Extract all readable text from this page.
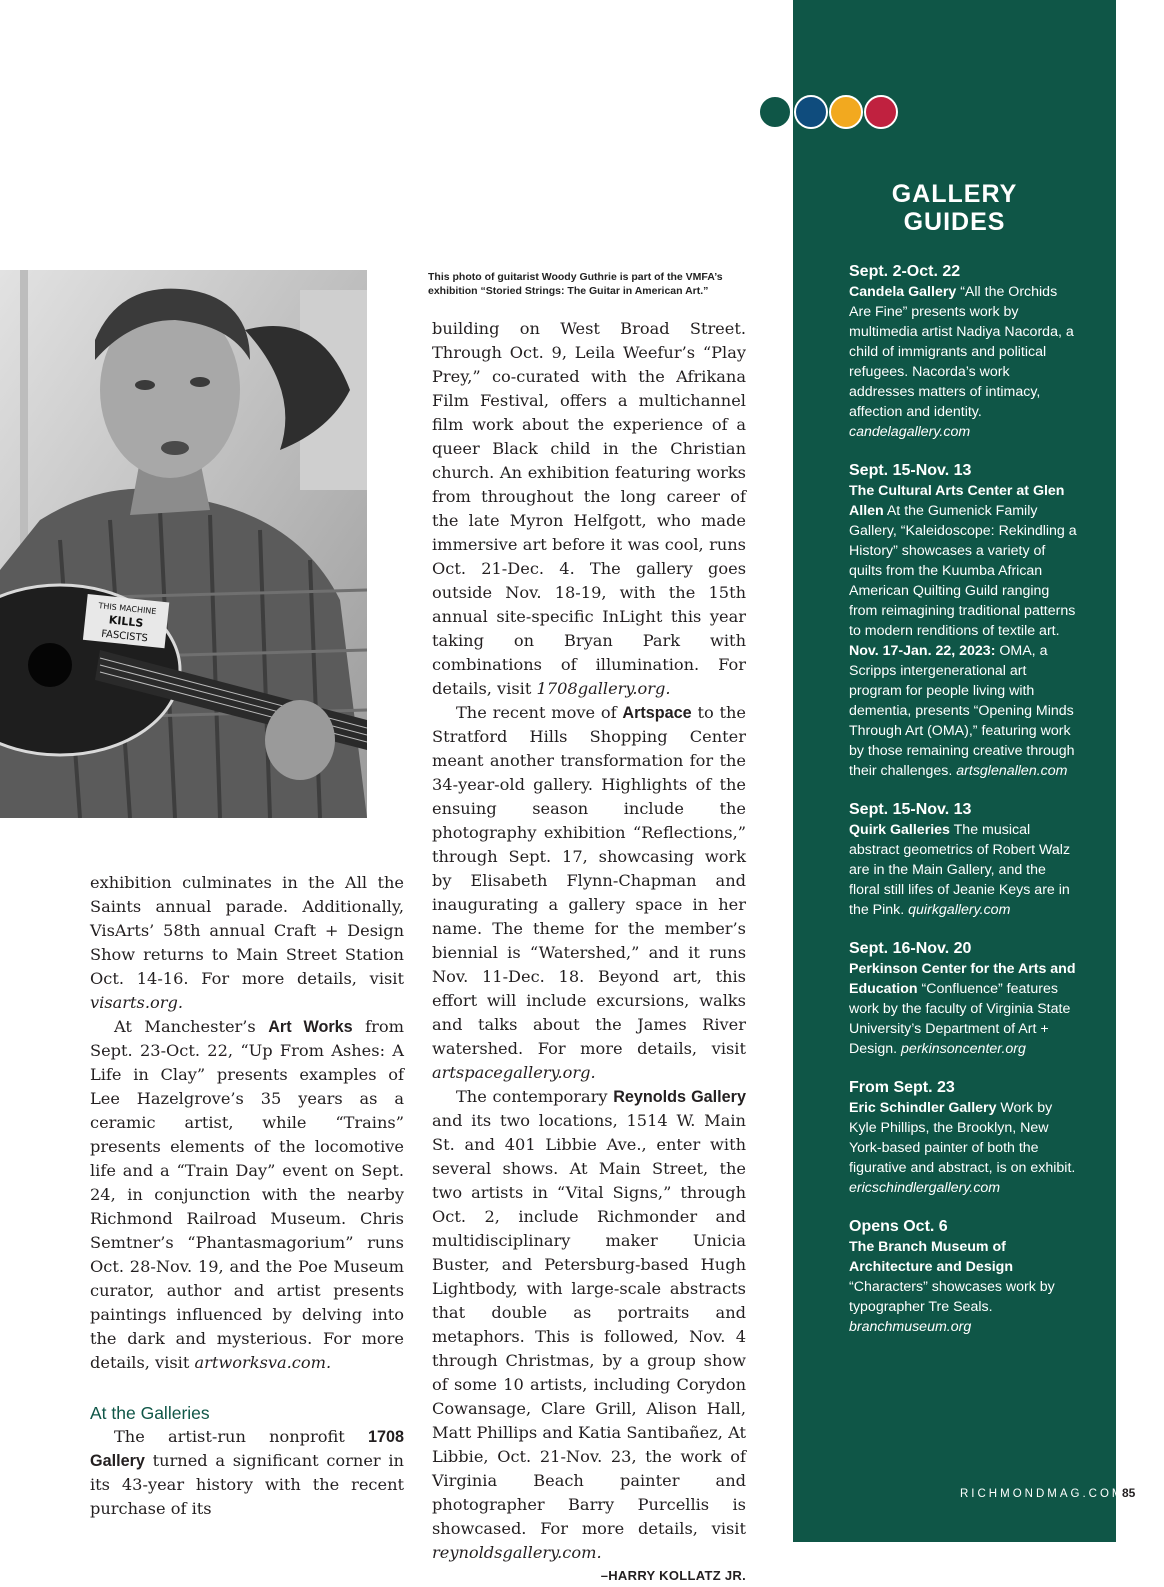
THIS MACHINE
KILLS
FASCISTS
This photo of guitarist Woody Guthrie is part of the VMFA’s exhibition “Storied Strings: The Guitar in American Art.”

exhibition culminates in the All the Saints annual parade. Additionally, VisArts’ 58th annual Craft + Design Show returns to Main Street Station Oct. 14-16. For more details, visit visarts.org.

At Manchester’s Art Works from Sept. 23-Oct. 22, “Up From Ashes: A Life in Clay” presents examples of Lee Hazelgrove’s 35 years as a ceramic artist, while “Trains” presents elements of the locomotive life and a “Train Day” event on Sept. 24, in conjunction with the nearby Richmond Railroad Museum. Chris Semtner’s “Phantasmagorium” runs Oct. 28-Nov. 19, and the Poe Museum curator, author and artist presents paintings influenced by delving into the dark and mysterious. For more details, visit artworksva.com.

At the Galleries

The artist-run nonprofit 1708 Gallery turned a significant corner in its 43-year history with the recent purchase of its

building on West Broad Street. Through Oct. 9, Leila Weefur’s “Play Prey,” co-curated with the Afrikana Film Festival, offers a multichannel film work about the experience of a queer Black child in the Christian church. An exhibition featuring works from throughout the long career of the late Myron Helfgott, who made immersive art before it was cool, runs Oct. 21-Dec. 4. The gallery goes outside Nov. 18-19, with the 15th annual site-specific InLight this year taking on Bryan Park with combinations of illumination. For details, visit 1708gallery.org.

The recent move of Artspace to the Stratford Hills Shopping Center meant another transformation for the 34-year-old gallery. Highlights of the ensuing season include the photography exhibition “Reflections,” through Sept. 17, showcasing work by Elisabeth Flynn-Chapman and inaugurating a gallery space in her name. The theme for the member’s biennial is “Watershed,” and it runs Nov. 11-Dec. 18. Beyond art, this effort will include excursions, walks and talks about the James River watershed. For more details, visit artspacegallery.org.

The contemporary Reynolds Gallery and its two locations, 1514 W. Main St. and 401 Libbie Ave., enter with several shows. At Main Street, the two artists in “Vital Signs,” through Oct. 2, include Richmonder and multidisciplinary maker Unicia Buster, and Petersburg-based Hugh Lightbody, with large-scale abstracts that double as portraits and metaphors. This is followed, Nov. 4 through Christmas, by a group show of some 10 artists, including Corydon Cowansage, Clare Grill, Alison Hall, Matt Phillips and Katia Santibañez, At Libbie, Oct. 21-Nov. 23, the work of Virginia Beach painter and photographer Barry Purcellis is showcased. For more details, visit reynoldsgallery.com.

–HARRY KOLLATZ JR.
GALLERY
GUIDES
Sept. 2-Oct. 22
Candela Gallery “All the Orchids Are Fine” presents work by multimedia artist Nadiya Nacorda, a child of immigrants and political refugees. Nacorda’s work addresses matters of intimacy, affection and identity. candelagallery.com
Sept. 15-Nov. 13
The Cultural Arts Center at Glen Allen At the Gumenick Family Gallery, “Kaleidoscope: Rekindling a History” showcases a variety of quilts from the Kuumba African American Quilting Guild ranging from reimagining traditional patterns to modern renditions of textile art. Nov. 17-Jan. 22, 2023: OMA, a Scripps intergenerational art program for people living with dementia, presents “Opening Minds Through Art (OMA),” featuring work by those remaining creative through their challenges. artsglenallen.com
Sept. 15-Nov. 13
Quirk Galleries The musical abstract geometrics of Robert Walz are in the Main Gallery, and the floral still lifes of Jeanie Keys are in the Pink. quirkgallery.com
Sept. 16-Nov. 20
Perkinson Center for the Arts and Education “Confluence” features work by the faculty of Virginia State University’s Department of Art + Design. perkinsoncenter.org
From Sept. 23
Eric Schindler Gallery Work by Kyle Phillips, the Brooklyn, New York-based painter of both the figurative and abstract, is on exhibit. ericschindlergallery.com
Opens Oct. 6
The Branch Museum of Architecture and Design “Characters” showcases work by typographer Tre Seals. branchmuseum.org
RICHMONDMAG.COM
85
